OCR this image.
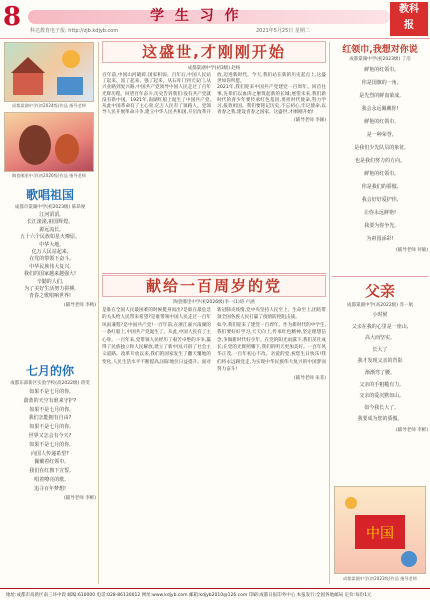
8	学 生 习 作
科达教育电子报: http://zjb.kdjyb.com	2021年5月25日 星期二
教科
报
成都棠湖中学(初2024级)作品 指导老师
陶瓷哪里中学(初2026级)作品 指导老师
歌唱祖国
成都市棠湖中学(初2023级) 陈昂俊
江河滔滔,
长江滚滚,祖国辉煌。
源远流长,
五十六个民族如星火燎原。
中华大地,
亿万人民站起来,
在党的带领下奋斗,
中华民族伟大复兴,
我们的国家越来越强大!
辛勤的人们,
为了美好生活努力拼搏,
青春之歌唱响世界!
(辅导老师 李秋)
七月的你
成都东部新区实验学校(高2022级) 蒋雯
如果不是七月的你,
蔚蓝的天空有谁来守护?
如果不是七月的你,
我们怎能拥有自由?
如果不是七月的你,
世界又怎会有今天?
如果不是七月的你,
向国人传递希望?
佩戴着红领巾,
我们在红旗下宣誓,
唱着嘹亮的歌,
追寻百年梦想!
(辅导老师 李彬)
这盛世,才刚刚开始
成都棠湖中学(初3级) 赵杨

百年前,中国山河破碎,国家积弱。百年后,中国人民站了起来、富了起来、强了起来。从石库门到天安门,从兴业路到复兴路,中国共产党领导中国人民走过了百年光辉历程。回望百年奋斗,历史告诉我们:没有共产党就没有新中国。1921年,南湖红船上诞生了中国共产党,从此中国革命有了主心骨,亿万人民有了领路人。党领导人民开展革命斗争,建立中华人民共和国,开启改革开放,迈进新时代。今天,我们站在新的历史起点上,这盛世如你所愿。

2021年,我们迎来中国共产党建党一百周年。回首往事,先辈们以血肉之躯筑起新的长城;展望未来,我们新时代的青少年要传承红色基因,勇担时代使命,努力学习,报效祖国。我们要铭记历史,不忘初心,牢记使命,以青春之我,建设青春之国家。这盛世,才刚刚开始!

(辅导老师 李颖)
献给一百周岁的党
陶瓷哪里中学(初2026级)李一(1)班 卢涵

是谁在全国人民最困难的时候挺身而出?是谁在最危急的关头给人民带来希望?是谁带领中国人民走过一百年风雨兼程?是中国共产党!一百年前,在浙江嘉兴南湖的一条红船上,中国共产党诞生了。从此,中国人民有了主心骨。一百年来,党带领人民经历了艰苦卓绝的斗争,赢得了民族独立和人民解放,建立了新中国,开辟了社会主义道路。改革开放以来,我们的国家发生了翻天覆地的变化,人民生活水平不断提高,国际地位日益提升。面对新冠肺炎疫情,党中央坚持人民至上、生命至上,团结带领全国各族人民打赢了疫情防控阻击战。

如今,我们迎来了建党一百周年。作为新时代的中学生,我们要好好学习,天天向上,传承红色精神,坚定理想信念,争做新时代好少年。在党的阳光雨露下,我们茁壮成长;在党的光辉照耀下,我们的明天更加美好。一百年风华正茂,一百年初心不改。亲爱的党,祝您生日快乐!我们将永远跟党走,为实现中华民族伟大复兴的中国梦而努力奋斗!

(辅导老师 朱菲)
红领巾,我想对你说
成都棠湖中学(初2023级) 丁浩
鲜艳的红领巾,
你是国旗的一角,
是先烈的鲜血染成,
我会永远佩戴你!
鲜艳的红领巾,
是一种荣誉,
是我们少先队员的象征,
也是我们努力的方向。
鲜艳的红领巾,
你是我们的骄傲,
我会好好爱护你,
让你永远鲜艳!
我要为你争光,
为祖国添彩!
(辅导老师 何敏)
父亲
成都棠湖中学(高2022级) 苏一航
小时候
父亲在我的心里是一座山,
高大而坚实。
长大了
我才发现父亲的背影
渐渐弯了腰。
父亲的手粗糙有力,
父亲的爱沉默如山,
如今我长大了,
我要成为您的骄傲。
(辅导老师 李彬)
中国
成都棠湖中学(初2023级)作品 指导老师
地址:成都市高新区南三环中段 邮编:610000 电话:028-86130012 网址:www.kdjyb.com 邮箱:kdjyb2010@126.com 印刷:成都日报印务中心 本报发行:全国各地邮局 定价:每份1元
